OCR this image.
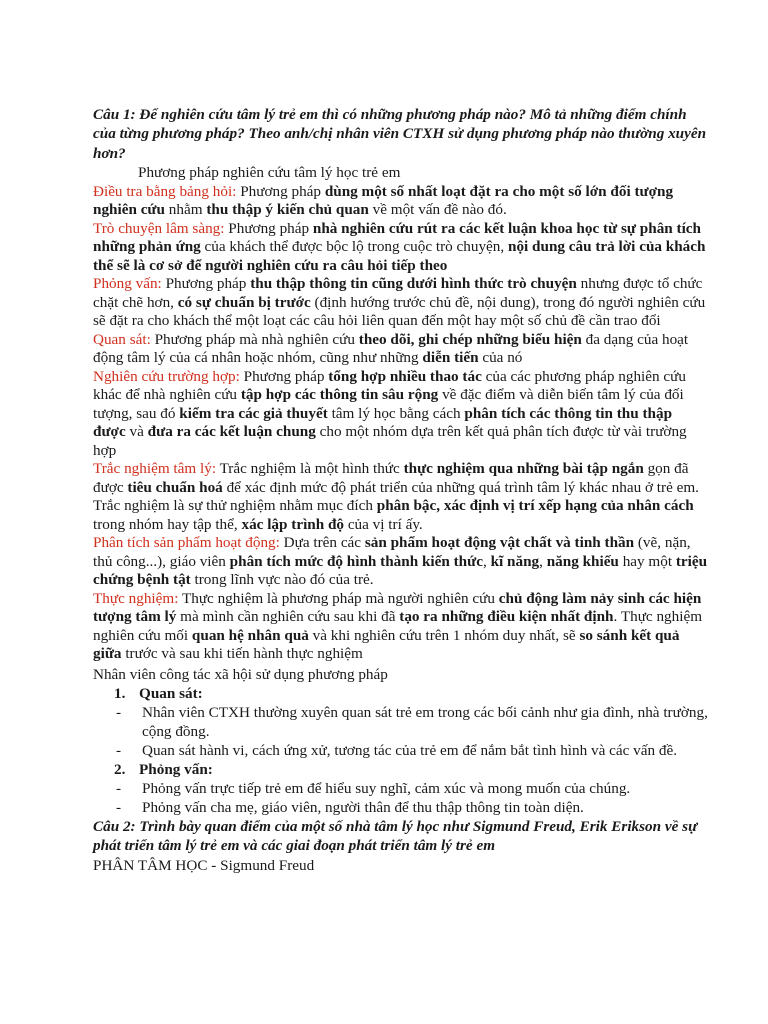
Câu 1: Để nghiên cứu tâm lý trẻ em thì có những phương pháp nào? Mô tả những điểm chính của từng phương pháp? Theo anh/chị nhân viên CTXH sử dụng phương pháp nào thường xuyên hơn?

Phương pháp nghiên cứu tâm lý học trẻ em

Điều tra bằng bảng hỏi: Phương pháp dùng một số nhất loạt đặt ra cho một số lớn đối tượng nghiên cứu nhằm thu thập ý kiến chủ quan về một vấn đề nào đó.

Trò chuyện lâm sàng: Phương pháp nhà nghiên cứu rút ra các kết luận khoa học từ sự phân tích những phản ứng của khách thể được bộc lộ trong cuộc trò chuyện, nội dung câu trả lời của khách thể sẽ là cơ sở để người nghiên cứu ra câu hỏi tiếp theo

Phỏng vấn: Phương pháp thu thập thông tin cũng dưới hình thức trò chuyện nhưng được tổ chức chặt chẽ hơn, có sự chuẩn bị trước (định hướng trước chủ đề, nội dung), trong đó người nghiên cứu sẽ đặt ra cho khách thể một loạt các câu hỏi liên quan đến một hay một số chủ đề cần trao đổi

Quan sát: Phương pháp mà nhà nghiên cứu theo dõi, ghi chép những biểu hiện đa dạng của hoạt động tâm lý của cá nhân hoặc nhóm, cũng như những diễn tiến của nó

Nghiên cứu trường hợp: Phương pháp tổng hợp nhiều thao tác của các phương pháp nghiên cứu khác để nhà nghiên cứu tập hợp các thông tin sâu rộng về đặc điểm và diễn biến tâm lý của đối tượng, sau đó kiểm tra các giả thuyết tâm lý học bằng cách phân tích các thông tin thu thập được và đưa ra các kết luận chung cho một nhóm dựa trên kết quả phân tích được từ vài trường hợp

Trắc nghiệm tâm lý: Trắc nghiệm là một hình thức thực nghiệm qua những bài tập ngắn gọn đã được tiêu chuẩn hoá để xác định mức độ phát triển của những quá trình tâm lý khác nhau ở trẻ em. Trắc nghiệm là sự thử nghiệm nhằm mục đích phân bậc, xác định vị trí xếp hạng của nhân cách trong nhóm hay tập thể, xác lập trình độ của vị trí ấy.

Phân tích sản phẩm hoạt động: Dựa trên các sản phẩm hoạt động vật chất và tinh thần (vẽ, nặn, thủ công...), giáo viên phân tích mức độ hình thành kiến thức, kĩ năng, năng khiếu hay một triệu chứng bệnh tật trong lĩnh vực nào đó của trẻ.

Thực nghiệm: Thực nghiệm là phương pháp mà người nghiên cứu chủ động làm nảy sinh các hiện tượng tâm lý mà mình cần nghiên cứu sau khi đã tạo ra những điều kiện nhất định. Thực nghiệm nghiên cứu mối quan hệ nhân quả và khi nghiên cứu trên 1 nhóm duy nhất, sẽ so sánh kết quả giữa trước và sau khi tiến hành thực nghiệm

Nhân viên công tác xã hội sử dụng phương pháp

1. Quan sát:
-	Nhân viên CTXH thường xuyên quan sát trẻ em trong các bối cảnh như gia đình, nhà trường, cộng đồng.
-	Quan sát hành vi, cách ứng xử, tương tác của trẻ em để nắm bắt tình hình và các vấn đề.
2. Phỏng vấn:
-	Phỏng vấn trực tiếp trẻ em để hiểu suy nghĩ, cảm xúc và mong muốn của chúng.
-	Phỏng vấn cha mẹ, giáo viên, người thân để thu thập thông tin toàn diện.

Câu 2: Trình bày quan điểm của một số nhà tâm lý học như Sigmund Freud, Erik Erikson về sự phát triển tâm lý trẻ em và các giai đoạn phát triển tâm lý trẻ em

PHÂN TÂM HỌC - Sigmund Freud
